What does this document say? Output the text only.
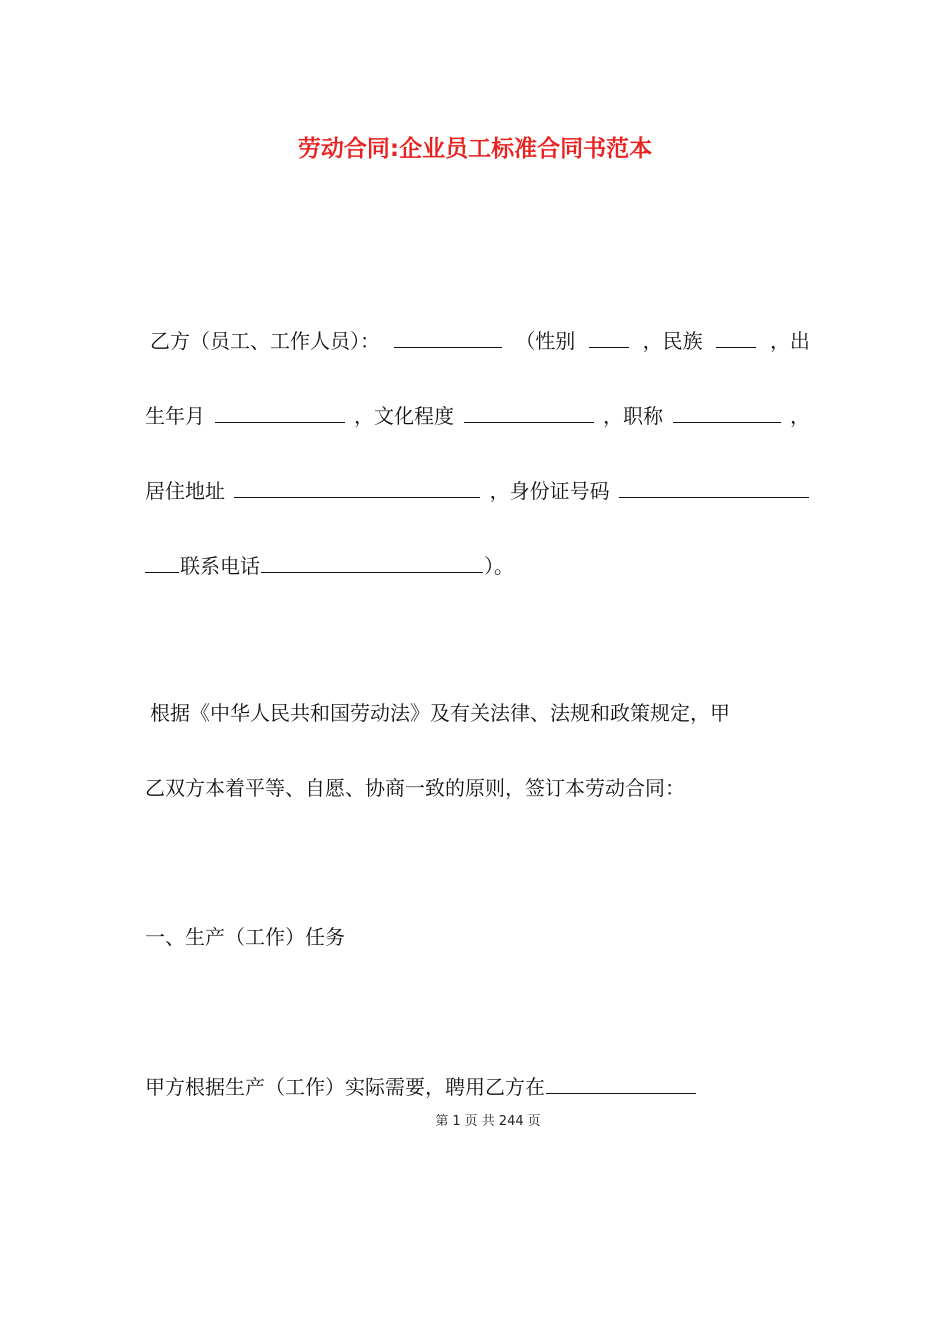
劳动合同:企业员工标准合同书范本
乙方（员工、工作人员）：	（性别	，民族	，出
生年月	，文化程度	，职称	，
居住地址	，身份证号码
联系电话	）。
根据《中华人民共和国劳动法》及有关法律、法规和政策规定，甲
乙双方本着平等、自愿、协商一致的原则，签订本劳动合同：
一、生产（工作）任务
甲方根据生产（工作）实际需要，聘用乙方在
第 1 页 共 244 页
